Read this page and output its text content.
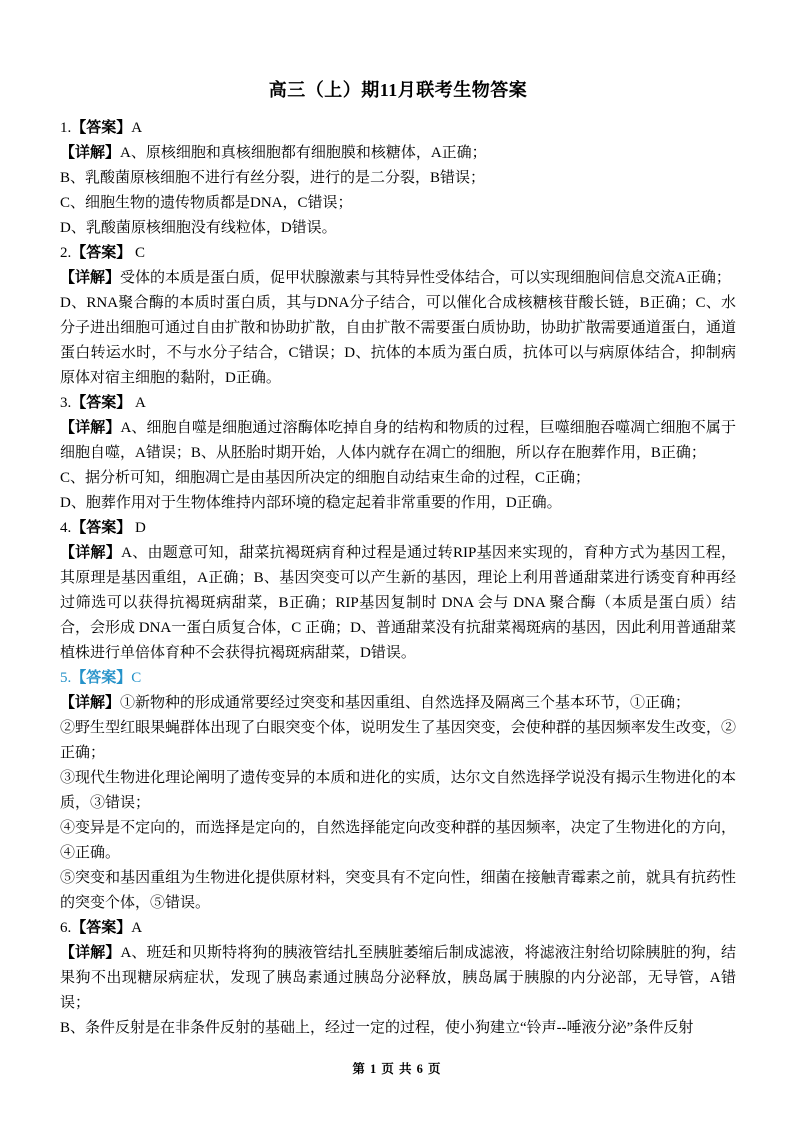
高三（上）期11月联考生物答案

1.【答案】A

【详解】A、原核细胞和真核细胞都有细胞膜和核糖体，A正确；

B、乳酸菌原核细胞不进行有丝分裂，进行的是二分裂，B错误；

C、细胞生物的遗传物质都是DNA，C错误；

D、乳酸菌原核细胞没有线粒体，D错误。

2.【答案】 C

【详解】受体的本质是蛋白质，促甲状腺激素与其特异性受体结合，可以实现细胞间信息交流A正确；

D、RNA聚合酶的本质时蛋白质，其与DNA分子结合，可以催化合成核糖核苷酸长链，B正确；C、水分子进出细胞可通过自由扩散和协助扩散，自由扩散不需要蛋白质协助，协助扩散需要通道蛋白，通道蛋白转运水时，不与水分子结合，C错误；D、抗体的本质为蛋白质，抗体可以与病原体结合，抑制病原体对宿主细胞的黏附，D正确。

3.【答案】 A

【详解】A、细胞自噬是细胞通过溶酶体吃掉自身的结构和物质的过程，巨噬细胞吞噬凋亡细胞不属于细胞自噬，A错误；B、从胚胎时期开始，人体内就存在凋亡的细胞，所以存在胞葬作用，B正确；

C、据分析可知，细胞凋亡是由基因所决定的细胞自动结束生命的过程，C正确；

D、胞葬作用对于生物体维持内部环境的稳定起着非常重要的作用，D正确。

4.【答案】 D

【详解】A、由题意可知，甜菜抗褐斑病育种过程是通过转RIP基因来实现的，育种方式为基因工程，其原理是基因重组，A正确；B、基因突变可以产生新的基因，理论上利用普通甜菜进行诱变育种再经过筛选可以获得抗褐斑病甜菜，B正确；RIP基因复制时 DNA 会与 DNA 聚合酶（本质是蛋白质）结合，会形成 DNA一蛋白质复合体，C 正确；D、普通甜菜没有抗甜菜褐斑病的基因，因此利用普通甜菜植株进行单倍体育种不会获得抗褐斑病甜菜，D错误。

5.【答案】C

【详解】①新物种的形成通常要经过突变和基因重组、自然选择及隔离三个基本环节，①正确；

②野生型红眼果蝇群体出现了白眼突变个体，说明发生了基因突变，会使种群的基因频率发生改变，②正确；

③现代生物进化理论阐明了遗传变异的本质和进化的实质，达尔文自然选择学说没有揭示生物进化的本质，③错误；

④变异是不定向的，而选择是定向的，自然选择能定向改变种群的基因频率，决定了生物进化的方向，④正确。

⑤突变和基因重组为生物进化提供原材料，突变具有不定向性，细菌在接触青霉素之前，就具有抗药性的突变个体，⑤错误。

6.【答案】A

【详解】A、班廷和贝斯特将狗的胰液管结扎至胰脏萎缩后制成滤液，将滤液注射给切除胰脏的狗，结果狗不出现糖尿病症状，发现了胰岛素通过胰岛分泌释放，胰岛属于胰腺的内分泌部，无导管，A错误；

B、条件反射是在非条件反射的基础上，经过一定的过程，使小狗建立“铃声--唾液分泌”条件反射

第 1 页 共 6 页
